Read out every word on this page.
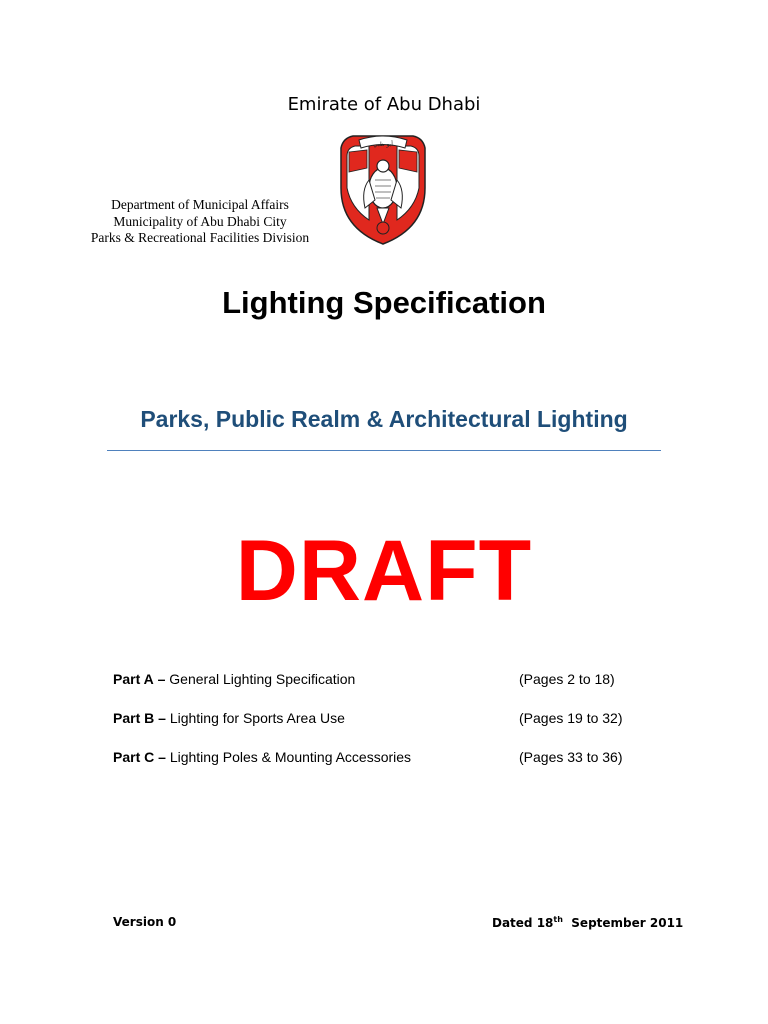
Emirate of Abu Dhabi
Department of Municipal Affairs
Municipality of Abu Dhabi City
Parks & Recreational Facilities Division
أبو ظبي
Lighting Specification
Parks, Public Realm & Architectural Lighting
DRAFT
Part A – General Lighting Specification	(Pages 2 to 18)
Part B – Lighting for Sports Area Use	(Pages 19 to 32)
Part C – Lighting Poles & Mounting Accessories	(Pages 33 to 36)
Version 0	Dated 18th  September 2011
